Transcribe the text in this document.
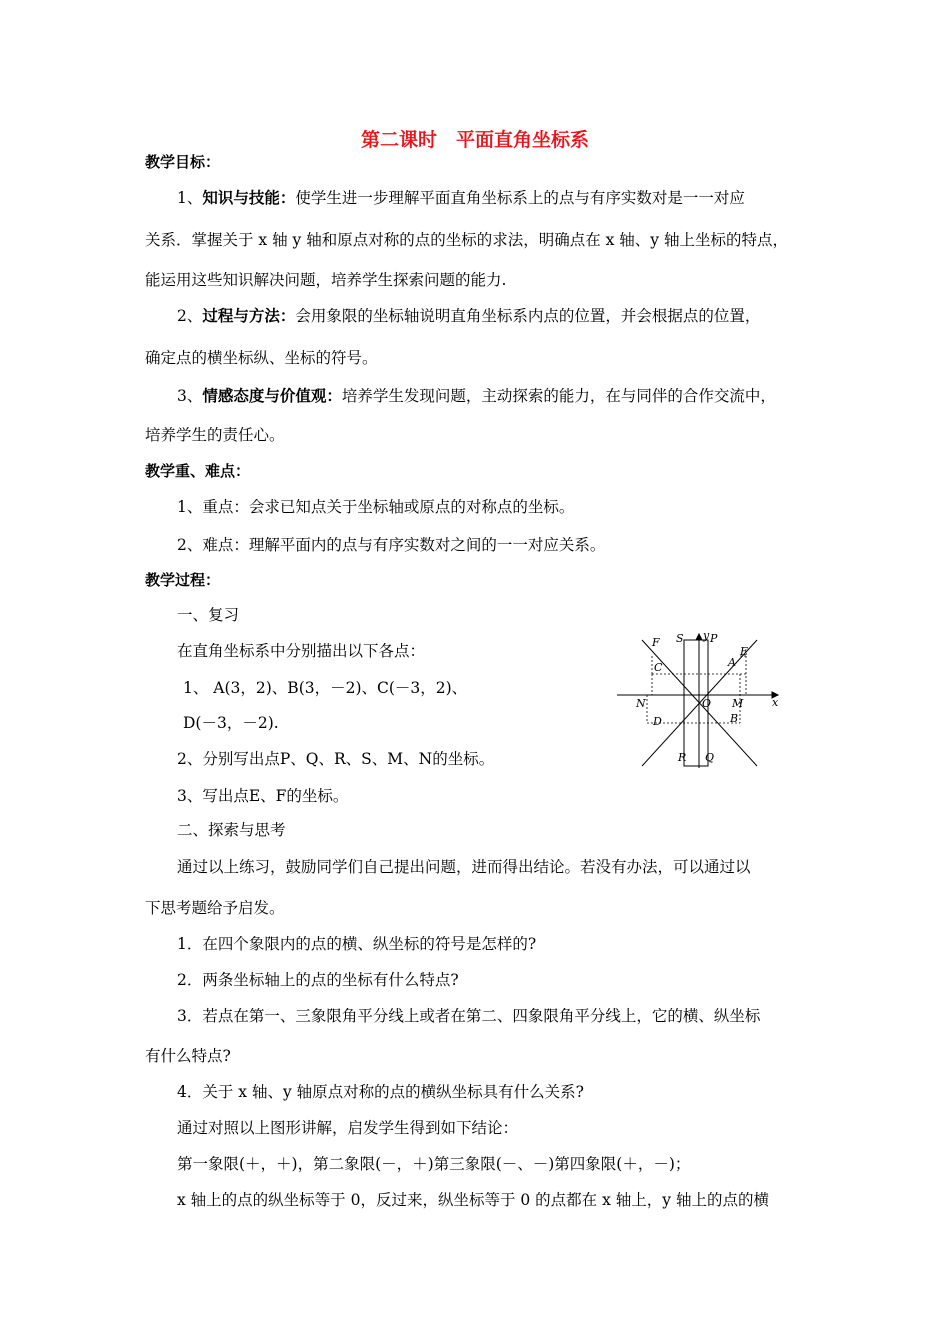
第二课时　平面直角坐标系
教学目标：
1、知识与技能：使学生进一步理解平面直角坐标系上的点与有序实数对是一一对应
关系．掌握关于 x 轴 y 轴和原点对称的点的坐标的求法，明确点在 x 轴、y 轴上坐标的特点，
能运用这些知识解决问题，培养学生探索问题的能力.
2、过程与方法：会用象限的坐标轴说明直角坐标系内点的位置，并会根据点的位置，
确定点的横坐标纵、坐标的符号。
3、情感态度与价值观：培养学生发现问题，主动探索的能力，在与同伴的合作交流中，
培养学生的责任心。
教学重、难点：
1、重点：会求已知点关于坐标轴或原点的对称点的坐标。
2、难点：理解平面内的点与有序实数对之间的一一对应关系。
教学过程：
一、复习
在直角坐标系中分别描出以下各点：
1、 A(3，2)、B(3，－2)、C(－3，2)、
D(－3，－2).
2、分别写出点P、Q、R、S、M、N的坐标。
3、写出点E、F的坐标。
二、探索与思考
通过以上练习，鼓励同学们自己提出问题，进而得出结论。若没有办法，可以通过以
下思考题给予启发。
1．在四个象限内的点的横、纵坐标的符号是怎样的?
2．两条坐标轴上的点的坐标有什么特点?
3．若点在第一、三象限角平分线上或者在第二、四象限角平分线上，它的横、纵坐标
有什么特点?
4．关于 x 轴、y 轴原点对称的点的横纵坐标具有什么关系?
通过对照以上图形讲解，启发学生得到如下结论：
第一象限(＋，＋)，第二象限(－，＋)第三象限(－、－)第四象限(＋，－)；
x 轴上的点的纵坐标等于 0，反过来，纵坐标等于 0 的点都在 x 轴上，y 轴上的点的横
y
x
O
S P
F
E
C	A
N	M
D	B
R Q
